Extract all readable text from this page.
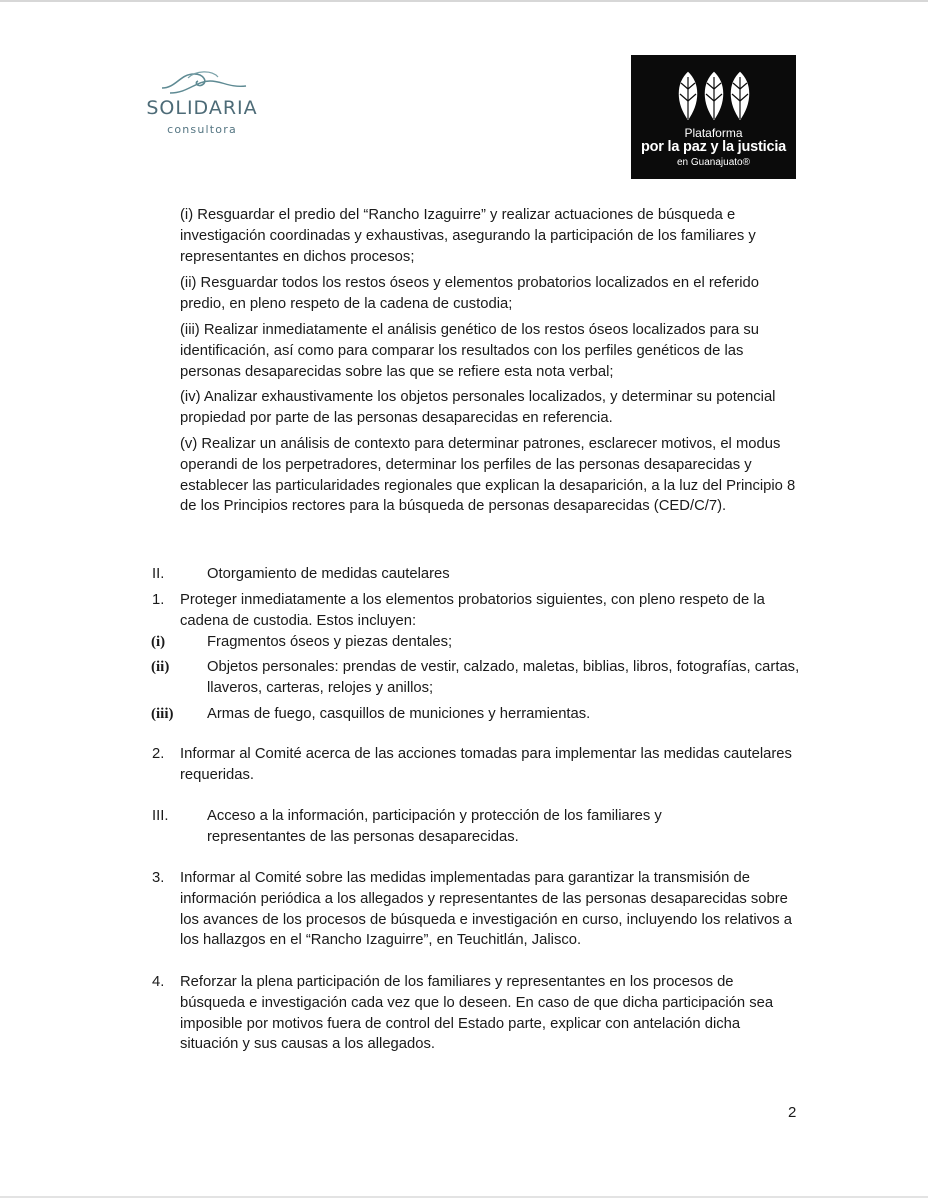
SOLIDARIA
consultora	Plataforma
por la paz y la justicia
en Guanajuato®

(i) Resguardar el predio del “Rancho Izaguirre” y realizar actuaciones de búsqueda e investigación coordinadas y exhaustivas, asegurando la participación de los familiares y representantes en dichos procesos;

(ii) Resguardar todos los restos óseos y elementos probatorios localizados en el referido predio, en pleno respeto de la cadena de custodia;

(iii) Realizar inmediatamente el análisis genético de los restos óseos localizados para su identificación, así como para comparar los resultados con los perfiles genéticos de las personas desaparecidas sobre las que se refiere esta nota verbal;

(iv) Analizar exhaustivamente los objetos personales localizados, y determinar su potencial propiedad por parte de las personas desaparecidas en referencia.

(v) Realizar un análisis de contexto para determinar patrones, esclarecer motivos, el modus operandi de los perpetradores, determinar los perfiles de las personas desaparecidas y establecer las particularidades regionales que explican la desaparición, a la luz del Principio 8 de los Principios rectores para la búsqueda de personas desaparecidas (CED/C/7).

II.	Otorgamiento de medidas cautelares
1. Proteger inmediatamente a los elementos probatorios siguientes, con pleno respeto de la cadena de custodia. Estos incluyen:

(i)	Fragmentos óseos y piezas dentales;

(ii)	Objetos personales: prendas de vestir, calzado, maletas, biblias, libros, fotografías, cartas, llaveros, carteras, relojes y anillos;

(iii) Armas de fuego, casquillos de municiones y herramientas.

2. Informar al Comité acerca de las acciones tomadas para implementar las medidas cautelares requeridas.

III.	Acceso a la información, participación y protección de los familiares y representantes de las personas desaparecidas.

3. Informar al Comité sobre las medidas implementadas para garantizar la transmisión de información periódica a los allegados y representantes de las personas desaparecidas sobre los avances de los procesos de búsqueda e investigación en curso, incluyendo los relativos a los hallazgos en el “Rancho Izaguirre”, en Teuchitlán, Jalisco.

4. Reforzar la plena participación de los familiares y representantes en los procesos de búsqueda e investigación cada vez que lo deseen. En caso de que dicha participación sea imposible por motivos fuera de control del Estado parte, explicar con antelación dicha situación y sus causas a los allegados.

2
